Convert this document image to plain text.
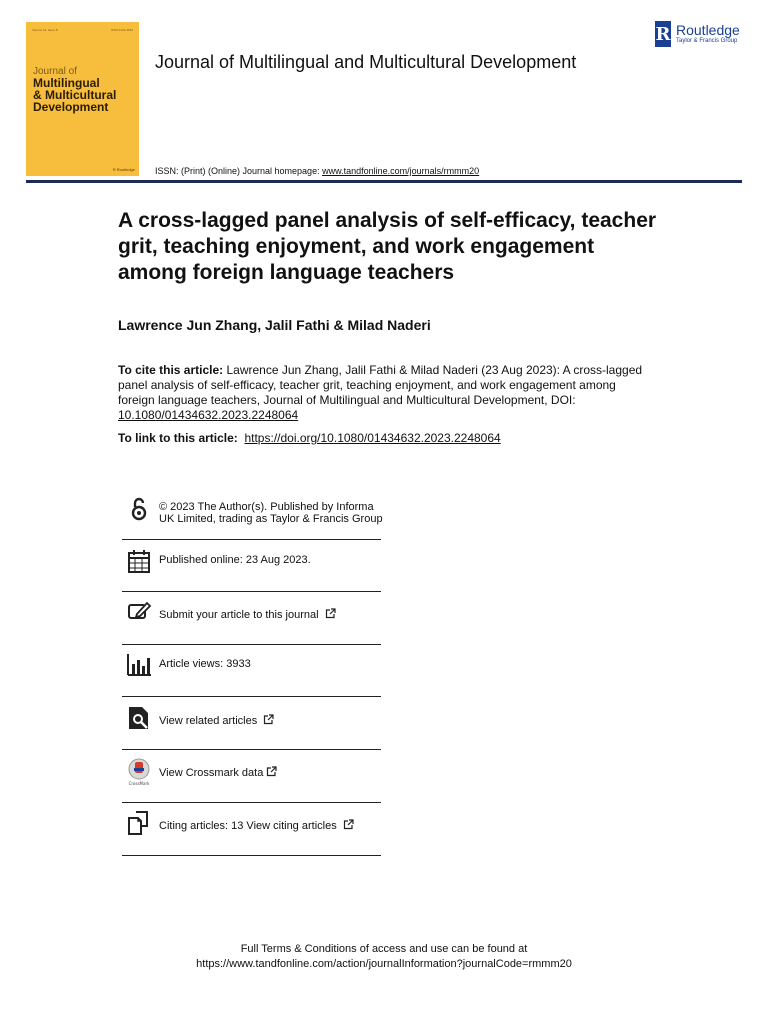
Volume 44, Issue 8	ISSN 0143-4632
Journal of
Multilingual
& Multicultural
Development
R Routledge
Journal of Multilingual and Multicultural Development
ISSN: (Print) (Online) Journal homepage: www.tandfonline.com/journals/rmmm20
R Routledge
Taylor & Francis Group
A cross-lagged panel analysis of self-efficacy, teacher grit, teaching enjoyment, and work engagement among foreign language teachers
Lawrence Jun Zhang, Jalil Fathi & Milad Naderi
To cite this article: Lawrence Jun Zhang, Jalil Fathi & Milad Naderi (23 Aug 2023): A cross-lagged panel analysis of self-efficacy, teacher grit, teaching enjoyment, and work engagement among foreign language teachers, Journal of Multilingual and Multicultural Development, DOI: 10.1080/01434632.2023.2248064
To link to this article: https://doi.org/10.1080/01434632.2023.2248064
© 2023 The Author(s). Published by Informa UK Limited, trading as Taylor & Francis Group
Published online: 23 Aug 2023.
Submit your article to this journal
Article views: 3933
View related articles
CrossMark
View Crossmark data
Citing articles: 13 View citing articles
Full Terms & Conditions of access and use can be found at
https://www.tandfonline.com/action/journalInformation?journalCode=rmmm20
